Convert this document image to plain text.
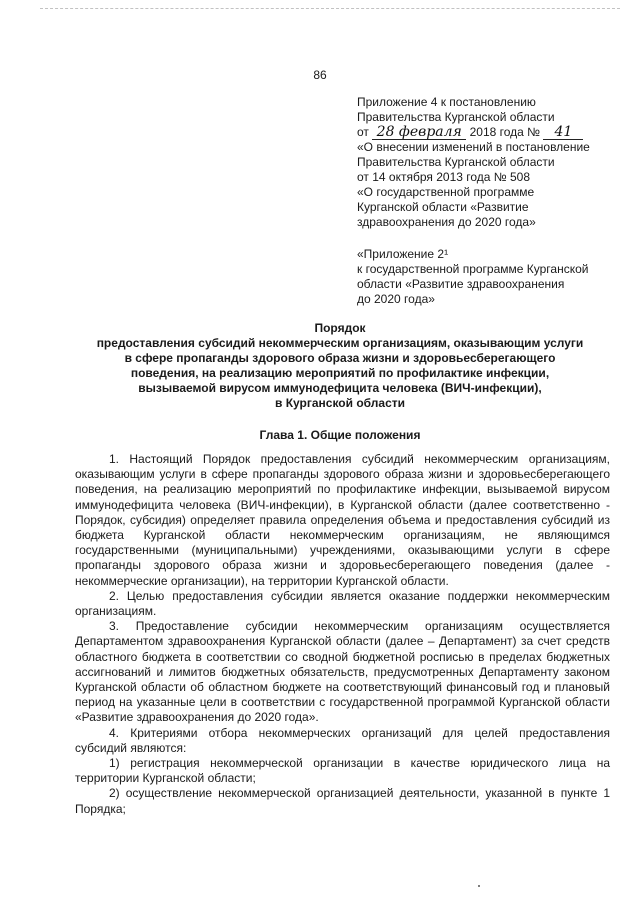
86
Приложение 4 к постановлению
Правительства Курганской области
от 28 февраля 2018 года № 41
«О внесении изменений в постановление
Правительства Курганской области
от 14 октября 2013 года № 508
«О государственной программе
Курганской области «Развитие
здравоохранения до 2020 года»
«Приложение 2¹
к государственной программе Курганской
области «Развитие здравоохранения
до 2020 года»
Порядок
предоставления субсидий некоммерческим организациям, оказывающим услуги
в сфере пропаганды здорового образа жизни и здоровьесберегающего
поведения, на реализацию мероприятий по профилактике инфекции,
вызываемой вирусом иммунодефицита человека (ВИЧ-инфекции),
в Курганской области
Глава 1. Общие положения

1. Настоящий Порядок предоставления субсидий некоммерческим организациям, оказывающим услуги в сфере пропаганды здорового образа жизни и здоровьесберегающего поведения, на реализацию мероприятий по профилактике инфекции, вызываемой вирусом иммунодефицита человека (ВИЧ-инфекции), в Курганской области (далее соответственно - Порядок, субсидия) определяет правила определения объема и предоставления субсидий из бюджета Курганской области некоммерческим организациям, не являющимся государственными (муниципальными) учреждениями, оказывающими услуги в сфере пропаганды здорового образа жизни и здоровьесберегающего поведения (далее - некоммерческие организации), на территории Курганской области.

2. Целью предоставления субсидии является оказание поддержки некоммерческим организациям.

3. Предоставление субсидии некоммерческим организациям осуществляется Департаментом здравоохранения Курганской области (далее – Департамент) за счет средств областного бюджета в соответствии со сводной бюджетной росписью в пределах бюджетных ассигнований и лимитов бюджетных обязательств, предусмотренных Департаменту законом Курганской области об областном бюджете на соответствующий финансовый год и плановый период на указанные цели в соответствии с государственной программой Курганской области «Развитие здравоохранения до 2020 года».

4. Критериями отбора некоммерческих организаций для целей предоставления субсидий являются:

1) регистрация некоммерческой организации в качестве юридического лица на территории Курганской области;

2) осуществление некоммерческой организацией деятельности, указанной в пункте 1 Порядка;
